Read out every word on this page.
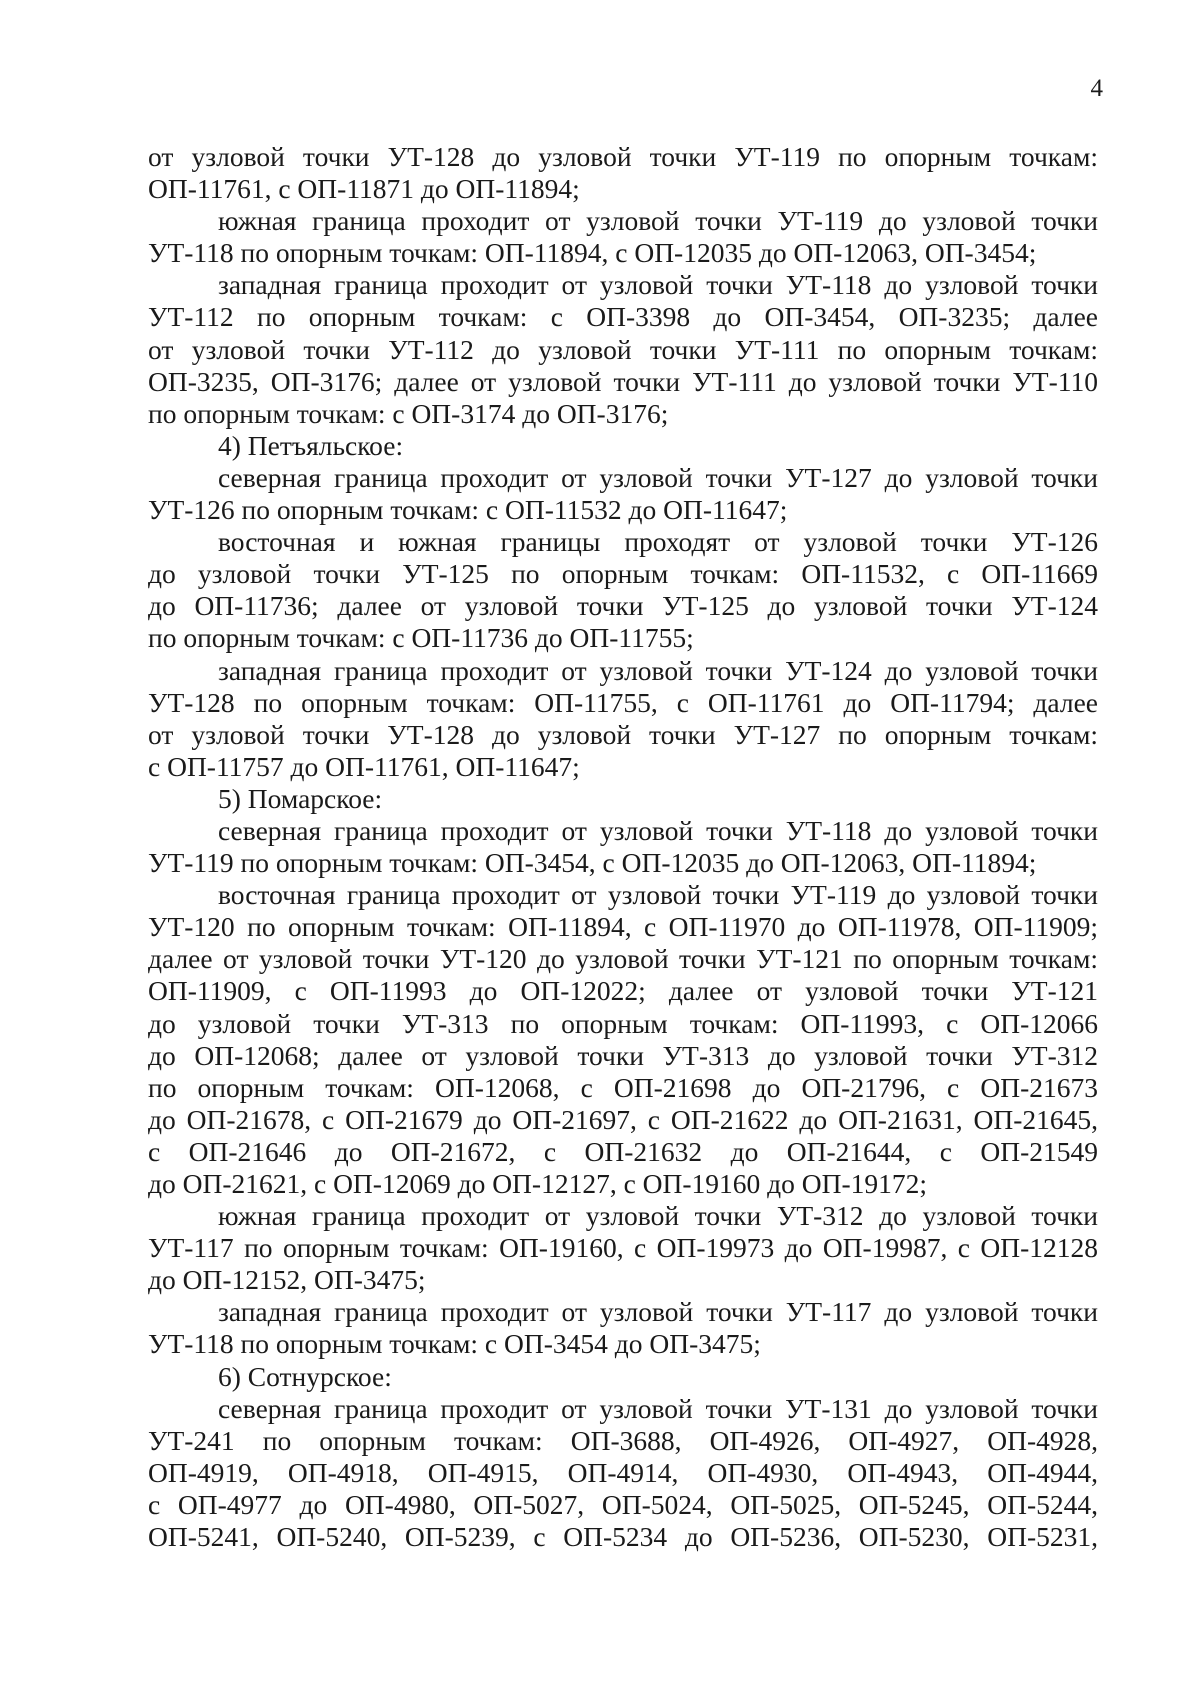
4
от узловой точки УТ-128 до узловой точки УТ-119 по опорным точкам:
ОП-11761, с ОП-11871 до ОП-11894;
южная граница проходит от узловой точки УТ-119 до узловой точки
УТ-118 по опорным точкам: ОП-11894, с ОП-12035 до ОП-12063, ОП-3454;
западная граница проходит от узловой точки УТ-118 до узловой точки
УТ-112 по опорным точкам: с ОП-3398 до ОП-3454, ОП-3235; далее
от узловой точки УТ-112 до узловой точки УТ-111 по опорным точкам:
ОП-3235, ОП-3176; далее от узловой точки УТ-111 до узловой точки УТ-110
по опорным точкам: с ОП-3174 до ОП-3176;
4) Петъяльское:
северная граница проходит от узловой точки УТ-127 до узловой точки
УТ-126 по опорным точкам: с ОП-11532 до ОП-11647;
восточная и южная границы проходят от узловой точки УТ-126
до узловой точки УТ-125 по опорным точкам: ОП-11532, с ОП-11669
до ОП-11736; далее от узловой точки УТ-125 до узловой точки УТ-124
по опорным точкам: с ОП-11736 до ОП-11755;
западная граница проходит от узловой точки УТ-124 до узловой точки
УТ-128 по опорным точкам: ОП-11755, с ОП-11761 до ОП-11794; далее
от узловой точки УТ-128 до узловой точки УТ-127 по опорным точкам:
с ОП-11757 до ОП-11761, ОП-11647;
5) Помарское:
северная граница проходит от узловой точки УТ-118 до узловой точки
УТ-119 по опорным точкам: ОП-3454, с ОП-12035 до ОП-12063, ОП-11894;
восточная граница проходит от узловой точки УТ-119 до узловой точки
УТ-120 по опорным точкам: ОП-11894, с ОП-11970 до ОП-11978, ОП-11909;
далее от узловой точки УТ-120 до узловой точки УТ-121 по опорным точкам:
ОП-11909, с ОП-11993 до ОП-12022; далее от узловой точки УТ-121
до узловой точки УТ-313 по опорным точкам: ОП-11993, с ОП-12066
до ОП-12068; далее от узловой точки УТ-313 до узловой точки УТ-312
по опорным точкам: ОП-12068, с ОП-21698 до ОП-21796, с ОП-21673
до ОП-21678, с ОП-21679 до ОП-21697, с ОП-21622 до ОП-21631, ОП-21645,
с ОП-21646 до ОП-21672, с ОП-21632 до ОП-21644, с ОП-21549
до ОП-21621, с ОП-12069 до ОП-12127, с ОП-19160 до ОП-19172;
южная граница проходит от узловой точки УТ-312 до узловой точки
УТ-117 по опорным точкам: ОП-19160, с ОП-19973 до ОП-19987, с ОП-12128
до ОП-12152, ОП-3475;
западная граница проходит от узловой точки УТ-117 до узловой точки
УТ-118 по опорным точкам: с ОП-3454 до ОП-3475;
6) Сотнурское:
северная граница проходит от узловой точки УТ-131 до узловой точки
УТ-241 по опорным точкам: ОП-3688, ОП-4926, ОП-4927, ОП-4928,
ОП-4919, ОП-4918, ОП-4915, ОП-4914, ОП-4930, ОП-4943, ОП-4944,
с ОП-4977 до ОП-4980, ОП-5027, ОП-5024, ОП-5025, ОП-5245, ОП-5244,
ОП-5241, ОП-5240, ОП-5239, с ОП-5234 до ОП-5236, ОП-5230, ОП-5231,
